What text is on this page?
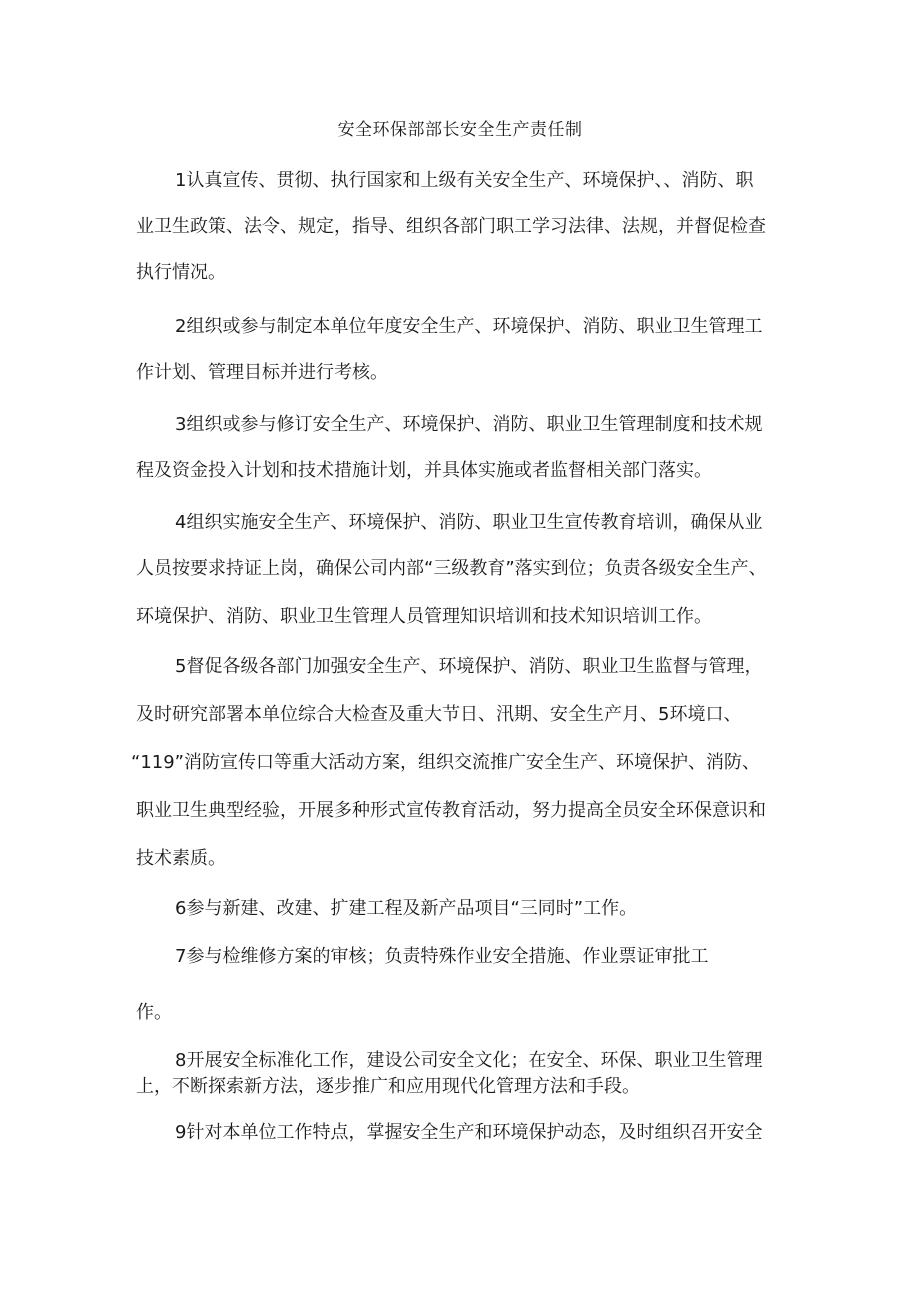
安全环保部部长安全生产责任制
1认真宣传、贯彻、执行国家和上级有关安全生产、环境保护、、消防、职
业卫生政策、法令、规定，指导、组织各部门职工学习法律、法规，并督促检查
执行情况。
2组织或参与制定本单位年度安全生产、环境保护、消防、职业卫生管理工
作计划、管理目标并进行考核。
3组织或参与修订安全生产、环境保护、消防、职业卫生管理制度和技术规
程及资金投入计划和技术措施计划，并具体实施或者监督相关部门落实。
4组织实施安全生产、环境保护、消防、职业卫生宣传教育培训，确保从业
人员按要求持证上岗，确保公司内部“三级教育”落实到位；负责各级安全生产、
环境保护、消防、职业卫生管理人员管理知识培训和技术知识培训工作。
5督促各级各部门加强安全生产、环境保护、消防、职业卫生监督与管理，
及时研究部署本单位综合大检查及重大节日、汛期、安全生产月、5环境口、
“119”消防宣传口等重大活动方案，组织交流推广安全生产、环境保护、消防、
职业卫生典型经验，开展多种形式宣传教育活动，努力提高全员安全环保意识和
技术素质。
6参与新建、改建、扩建工程及新产品项目“三同时”工作。
7参与检维修方案的审核；负责特殊作业安全措施、作业票证审批工
作。
8开展安全标准化工作，建设公司安全文化；在安全、环保、职业卫生管理
上，不断探索新方法，逐步推广和应用现代化管理方法和手段。
9针对本单位工作特点，掌握安全生产和环境保护动态，及时组织召开安全
